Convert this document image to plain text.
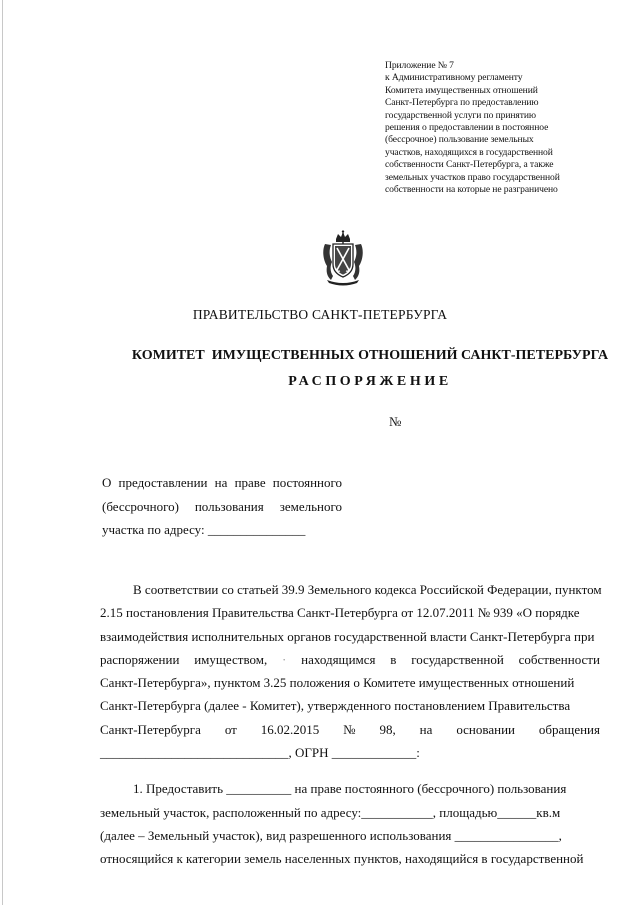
Приложение № 7
к Административному регламенту
Комитета имущественных отношений
Санкт-Петербурга по предоставлению
государственной услуги по принятию
решения о предоставлении в постоянное
(бессрочное) пользование земельных
участков, находящихся в государственной
собственности Санкт-Петербурга, а также
земельных участков право государственной
собственности на которые не разграничено
ПРАВИТЕЛЬСТВО САНКТ-ПЕТЕРБУРГА
КОМИТЕТ  ИМУЩЕСТВЕННЫХ ОТНОШЕНИЙ САНКТ-ПЕТЕРБУРГА
РАСПОРЯЖЕНИЕ
№
О предоставлении на праве постоянного
(бессрочного) пользования земельного
участка по адресу: _______________
В соответствии со статьей 39.9 Земельного кодекса Российской Федерации, пунктом
2.15 постановления Правительства Санкт-Петербурга от 12.07.2011 № 939 «О порядке
взаимодействия исполнительных органов государственной власти Санкт-Петербурга при
распоряжении имуществом, · находящимся в государственной собственности
Санкт-Петербурга», пунктом 3.25 положения о Комитете имущественных отношений
Санкт-Петербурга (далее - Комитет), утвержденного постановлением Правительства
Санкт-Петербурга от 16.02.2015 № 98, на основании обращения
_____________________________, ОГРН _____________:
1. Предоставить __________ на праве постоянного (бессрочного) пользования
земельный участок, расположенный по адресу:___________, площадью______кв.м
(далее – Земельный участок), вид разрешенного использования ________________,
относящийся к категории земель населенных пунктов, находящийся в государственной
